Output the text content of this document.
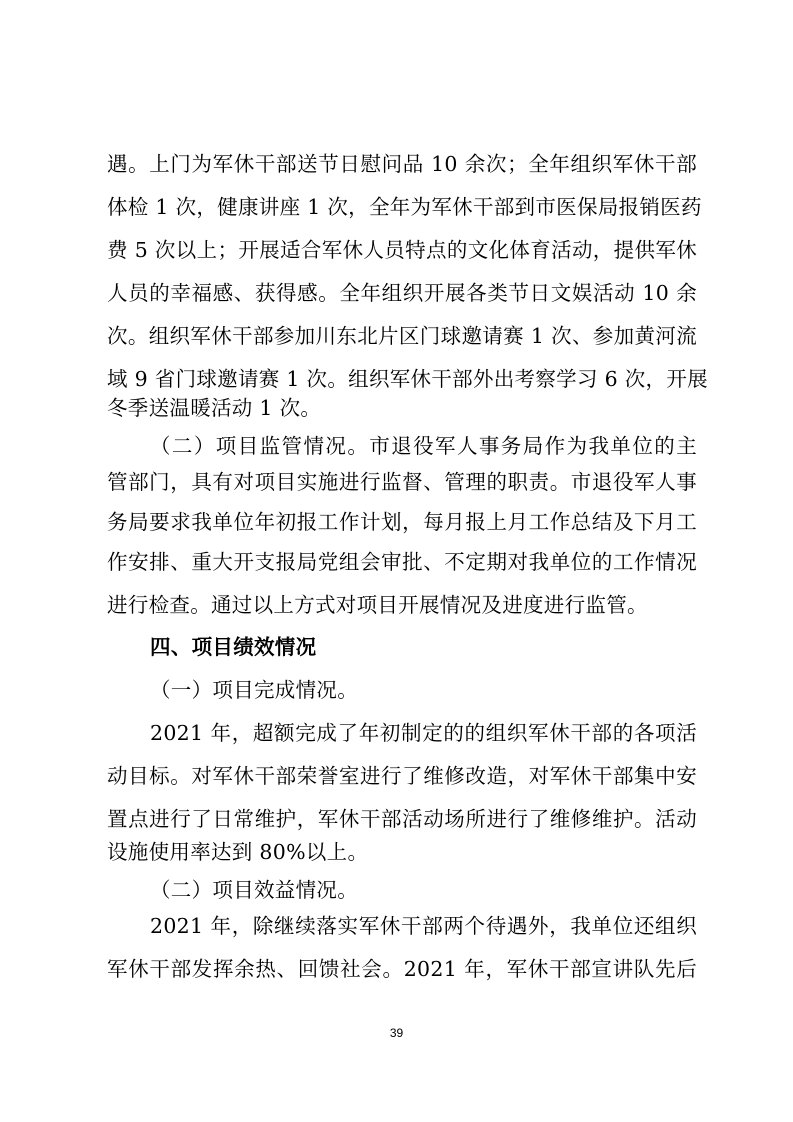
遇。上门为军休干部送节日慰问品 10 余次；全年组织军休干部
体检 1 次，健康讲座 1 次，全年为军休干部到市医保局报销医药
费 5 次以上；开展适合军休人员特点的文化体育活动，提供军休
人员的幸福感、获得感。全年组织开展各类节日文娱活动 10 余
次。组织军休干部参加川东北片区门球邀请赛 1 次、参加黄河流
域 9 省门球邀请赛 1 次。组织军休干部外出考察学习 6 次，开展
冬季送温暖活动 1 次。
（二）项目监管情况。市退役军人事务局作为我单位的主
管部门，具有对项目实施进行监督、管理的职责。市退役军人事
务局要求我单位年初报工作计划，每月报上月工作总结及下月工
作安排、重大开支报局党组会审批、不定期对我单位的工作情况
进行检查。通过以上方式对项目开展情况及进度进行监管。
四、项目绩效情况
（一）项目完成情况。
2021 年，超额完成了年初制定的的组织军休干部的各项活
动目标。对军休干部荣誉室进行了维修改造，对军休干部集中安
置点进行了日常维护，军休干部活动场所进行了维修维护。活动
设施使用率达到 80%以上。
（二）项目效益情况。
2021 年，除继续落实军休干部两个待遇外，我单位还组织
军休干部发挥余热、回馈社会。2021 年，军休干部宣讲队先后
39
